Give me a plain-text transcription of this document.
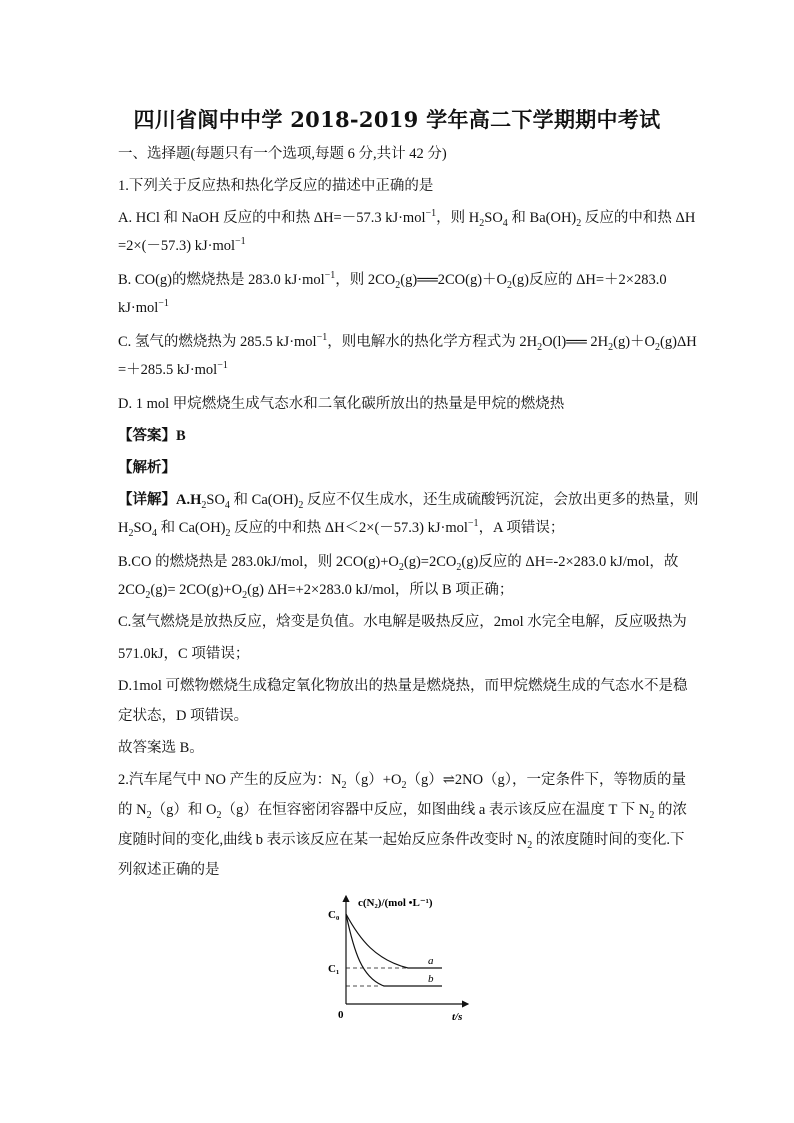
四川省阆中中学 2018-2019 学年高二下学期期中考试
一、选择题(每题只有一个选项,每题 6 分,共计 42 分)
1.下列关于反应热和热化学反应的描述中正确的是
A. HCl 和 NaOH 反应的中和热 ΔH=－57.3 kJ·mol$^{-1}$，则 $H_2SO_4$ 和 $Ba(OH)_2$ 反应的中和热 ΔH
=2×(－57.3) kJ·mol$^{-1}$
B. CO(g)的燃烧热是 283.0 kJ·mol$^{-1}$，则 $2CO_2(g)══2CO(g)+O_2(g)$反应的 ΔH=＋2×283.0
kJ·mol$^{-1}$
C. 氢气的燃烧热为 285.5 kJ·mol$^{-1}$，则电解水的热化学方程式为 $2H_2O(l)══$ $2H_2(g)+O_2(g)\Delta H$
=＋285.5 kJ·mol$^{-1}$
D. 1 mol 甲烷燃烧生成气态水和二氧化碳所放出的热量是甲烷的燃烧热
【答案】B
【解析】
【详解】$A.H_2SO_4$ 和 $Ca(OH)_2$ 反应不仅生成水，还生成硫酸钙沉淀，会放出更多的热量，则
$H_2SO_4$ 和 $Ca(OH)_2$ 反应的中和热 ΔH＜2×(－57.3) kJ·mol$^{-1}$，A 项错误；
B.CO 的燃烧热是 283.0kJ/mol，则 $2CO(g)+O_2(g)=2CO_2(g)$反应的 ΔH=-2×283.0 kJ/mol，故
$2CO_2(g)= 2CO(g)+O_2(g)$ ΔH=+2×283.0 kJ/mol，所以 B 项正确；
C.氢气燃烧是放热反应，焓变是负值。水电解是吸热反应，2mol 水完全电解，反应吸热为
571.0kJ，C 项错误；
D.1mol 可燃物燃烧生成稳定氧化物放出的热量是燃烧热，而甲烷燃烧生成的气态水不是稳
定状态，D 项错误。
故答案选 B。
2.汽车尾气中 NO 产生的反应为：$N_2(g)+O_2(g)\rightleftharpoons 2NO(g)$，一定条件下，等物质的量
的 $N_2(g)$和 $O_2(g)$在恒容密闭容器中反应，如图曲线 a 表示该反应在温度 T 下 $N_2$ 的浓
度随时间的变化,曲线 b 表示该反应在某一起始反应条件改变时 $N_2$ 的浓度随时间的变化.下
列叙述正确的是
c(N₂)/(mol •L⁻¹)
C₀
C₁
0	t/s
a
b
